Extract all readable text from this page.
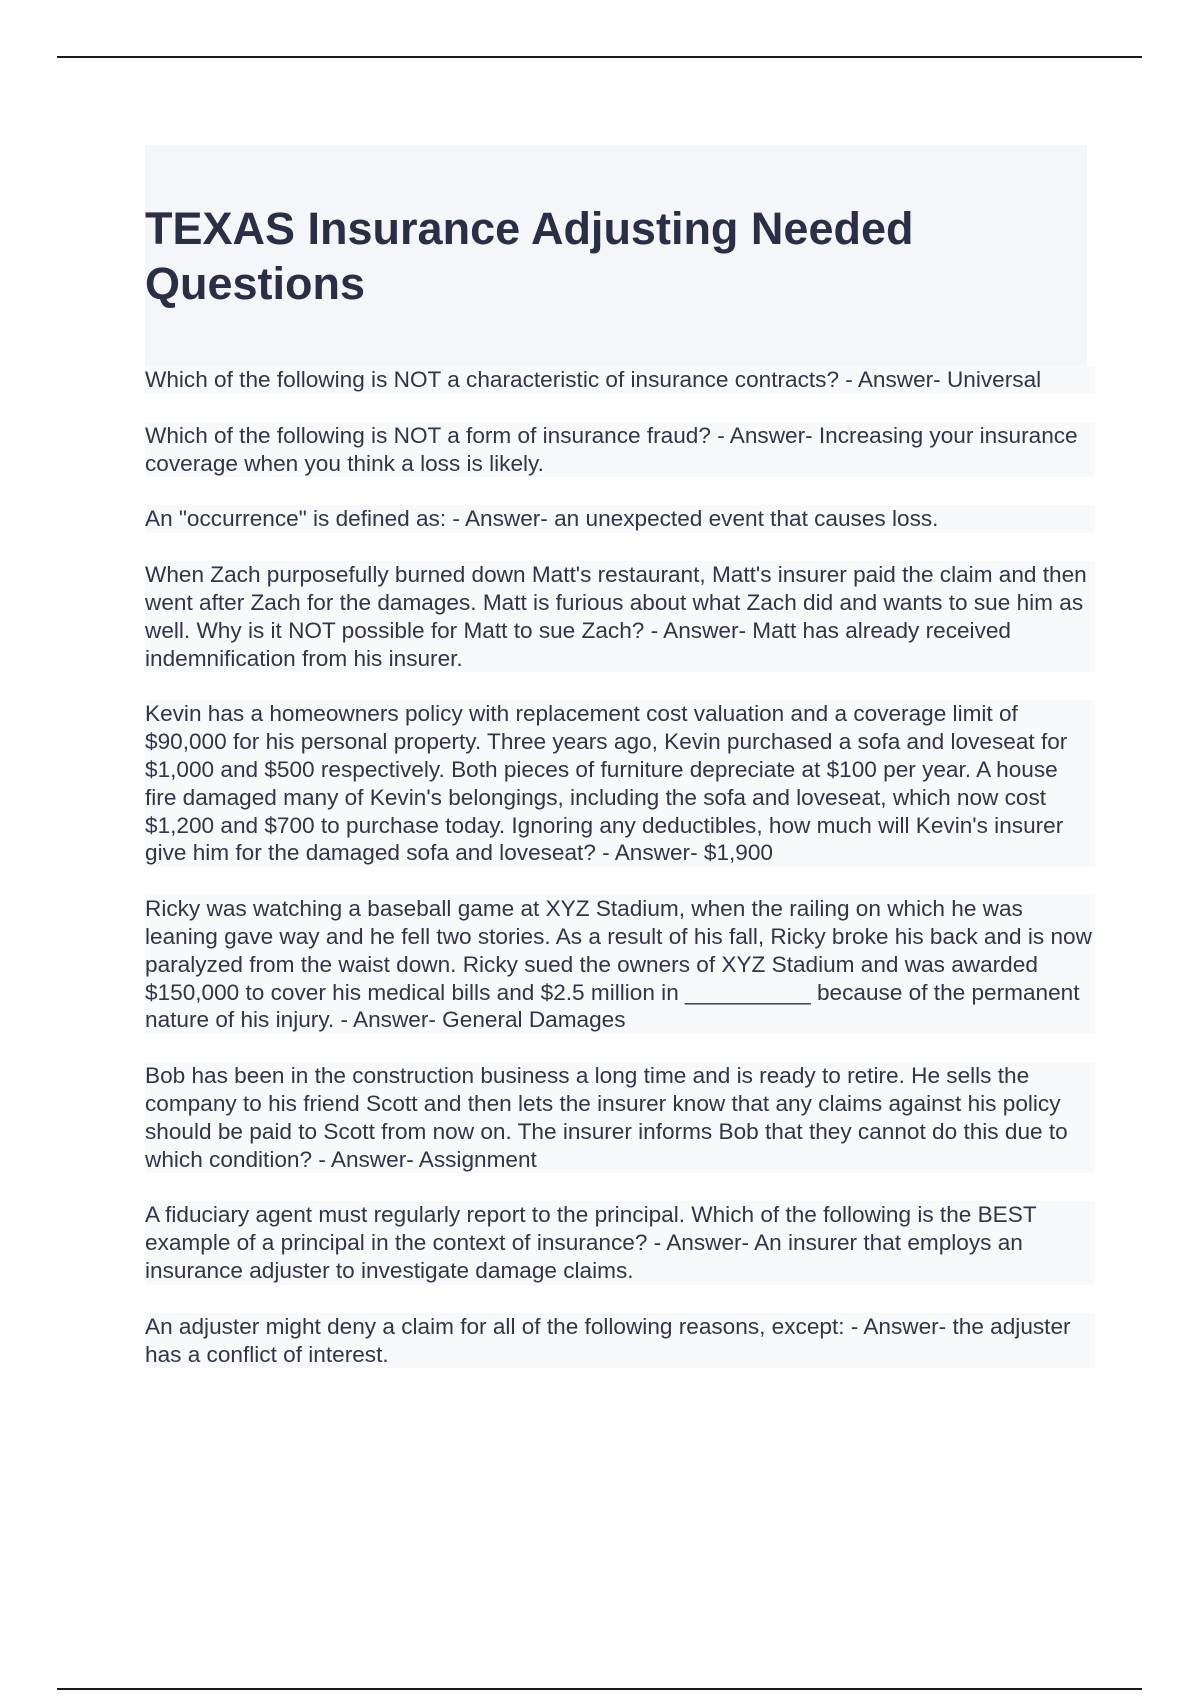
TEXAS Insurance Adjusting Needed Questions

Which of the following is NOT a characteristic of insurance contracts? - Answer- Universal

Which of the following is NOT a form of insurance fraud? - Answer- Increasing your insurance coverage when you think a loss is likely.

An "occurrence" is defined as: - Answer- an unexpected event that causes loss.

When Zach purposefully burned down Matt's restaurant, Matt's insurer paid the claim and then went after Zach for the damages. Matt is furious about what Zach did and wants to sue him as well. Why is it NOT possible for Matt to sue Zach? - Answer- Matt has already received indemnification from his insurer.

Kevin has a homeowners policy with replacement cost valuation and a coverage limit of $90,000 for his personal property. Three years ago, Kevin purchased a sofa and loveseat for $1,000 and $500 respectively. Both pieces of furniture depreciate at $100 per year. A house fire damaged many of Kevin's belongings, including the sofa and loveseat, which now cost $1,200 and $700 to purchase today. Ignoring any deductibles, how much will Kevin's insurer give him for the damaged sofa and loveseat? - Answer- $1,900

Ricky was watching a baseball game at XYZ Stadium, when the railing on which he was leaning gave way and he fell two stories. As a result of his fall, Ricky broke his back and is now paralyzed from the waist down. Ricky sued the owners of XYZ Stadium and was awarded $150,000 to cover his medical bills and $2.5 million in __________ because of the permanent nature of his injury. - Answer- General Damages

Bob has been in the construction business a long time and is ready to retire. He sells the company to his friend Scott and then lets the insurer know that any claims against his policy should be paid to Scott from now on. The insurer informs Bob that they cannot do this due to which condition? - Answer- Assignment

A fiduciary agent must regularly report to the principal. Which of the following is the BEST example of a principal in the context of insurance? - Answer- An insurer that employs an insurance adjuster to investigate damage claims.

An adjuster might deny a claim for all of the following reasons, except: - Answer- the adjuster has a conflict of interest.
